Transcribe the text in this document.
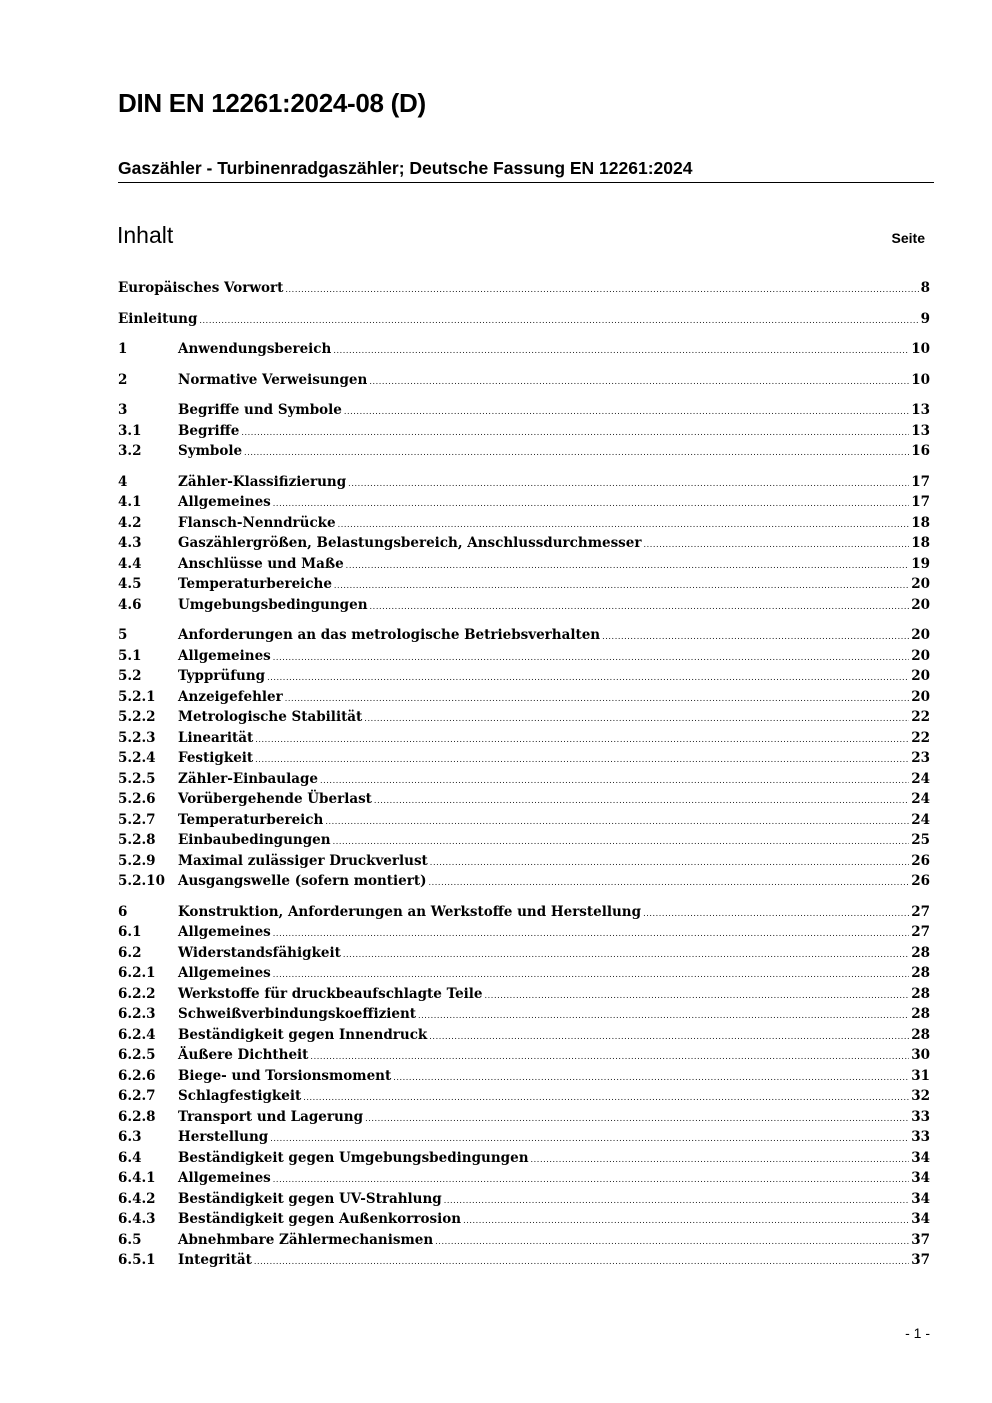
DIN EN 12261:2024-08 (D)
Gaszähler - Turbinenradgaszähler; Deutsche Fassung EN 12261:2024
Inhalt	Seite
Europäisches Vorwort .....	8
Einleitung .....	9
1	Anwendungsbereich .....	10
2	Normative Verweisungen .....	10
3	Begriffe und Symbole .....	13
3.1	Begriffe .....	13
3.2	Symbole .....	16
4	Zähler-Klassifizierung .....	17
4.1	Allgemeines .....	17
4.2	Flansch-Nenndrücke .....	18
4.3	Gaszählergrößen, Belastungsbereich, Anschlussdurchmesser .....	18
4.4	Anschlüsse und Maße .....	19
4.5	Temperaturbereiche .....	20
4.6	Umgebungsbedingungen .....	20
5	Anforderungen an das metrologische Betriebsverhalten .....	20
5.1	Allgemeines .....	20
5.2	Typprüfung .....	20
5.2.1	Anzeigefehler .....	20
5.2.2	Metrologische Stabilität .....	22
5.2.3	Linearität .....	22
5.2.4	Festigkeit .....	23
5.2.5	Zähler-Einbaulage .....	24
5.2.6	Vorübergehende Überlast .....	24
5.2.7	Temperaturbereich .....	24
5.2.8	Einbaubedingungen .....	25
5.2.9	Maximal zulässiger Druckverlust .....	26
5.2.10 Ausgangswelle (sofern montiert) .....	26
6	Konstruktion, Anforderungen an Werkstoffe und Herstellung .....	27
6.1	Allgemeines .....	27
6.2	Widerstandsfähigkeit .....	28
6.2.1	Allgemeines .....	28
6.2.2	Werkstoffe für druckbeaufschlagte Teile .....	28
6.2.3	Schweißverbindungskoeffizient .....	28
6.2.4	Beständigkeit gegen Innendruck .....	28
6.2.5	Äußere Dichtheit .....	30
6.2.6	Biege- und Torsionsmoment .....	31
6.2.7	Schlagfestigkeit .....	32
6.2.8	Transport und Lagerung .....	33
6.3	Herstellung .....	33
6.4	Beständigkeit gegen Umgebungsbedingungen .....	34
6.4.1	Allgemeines .....	34
6.4.2	Beständigkeit gegen UV-Strahlung .....	34
6.4.3	Beständigkeit gegen Außenkorrosion .....	34
6.5	Abnehmbare Zählermechanismen .....	37
6.5.1	Integrität .....	37
- 1 -
